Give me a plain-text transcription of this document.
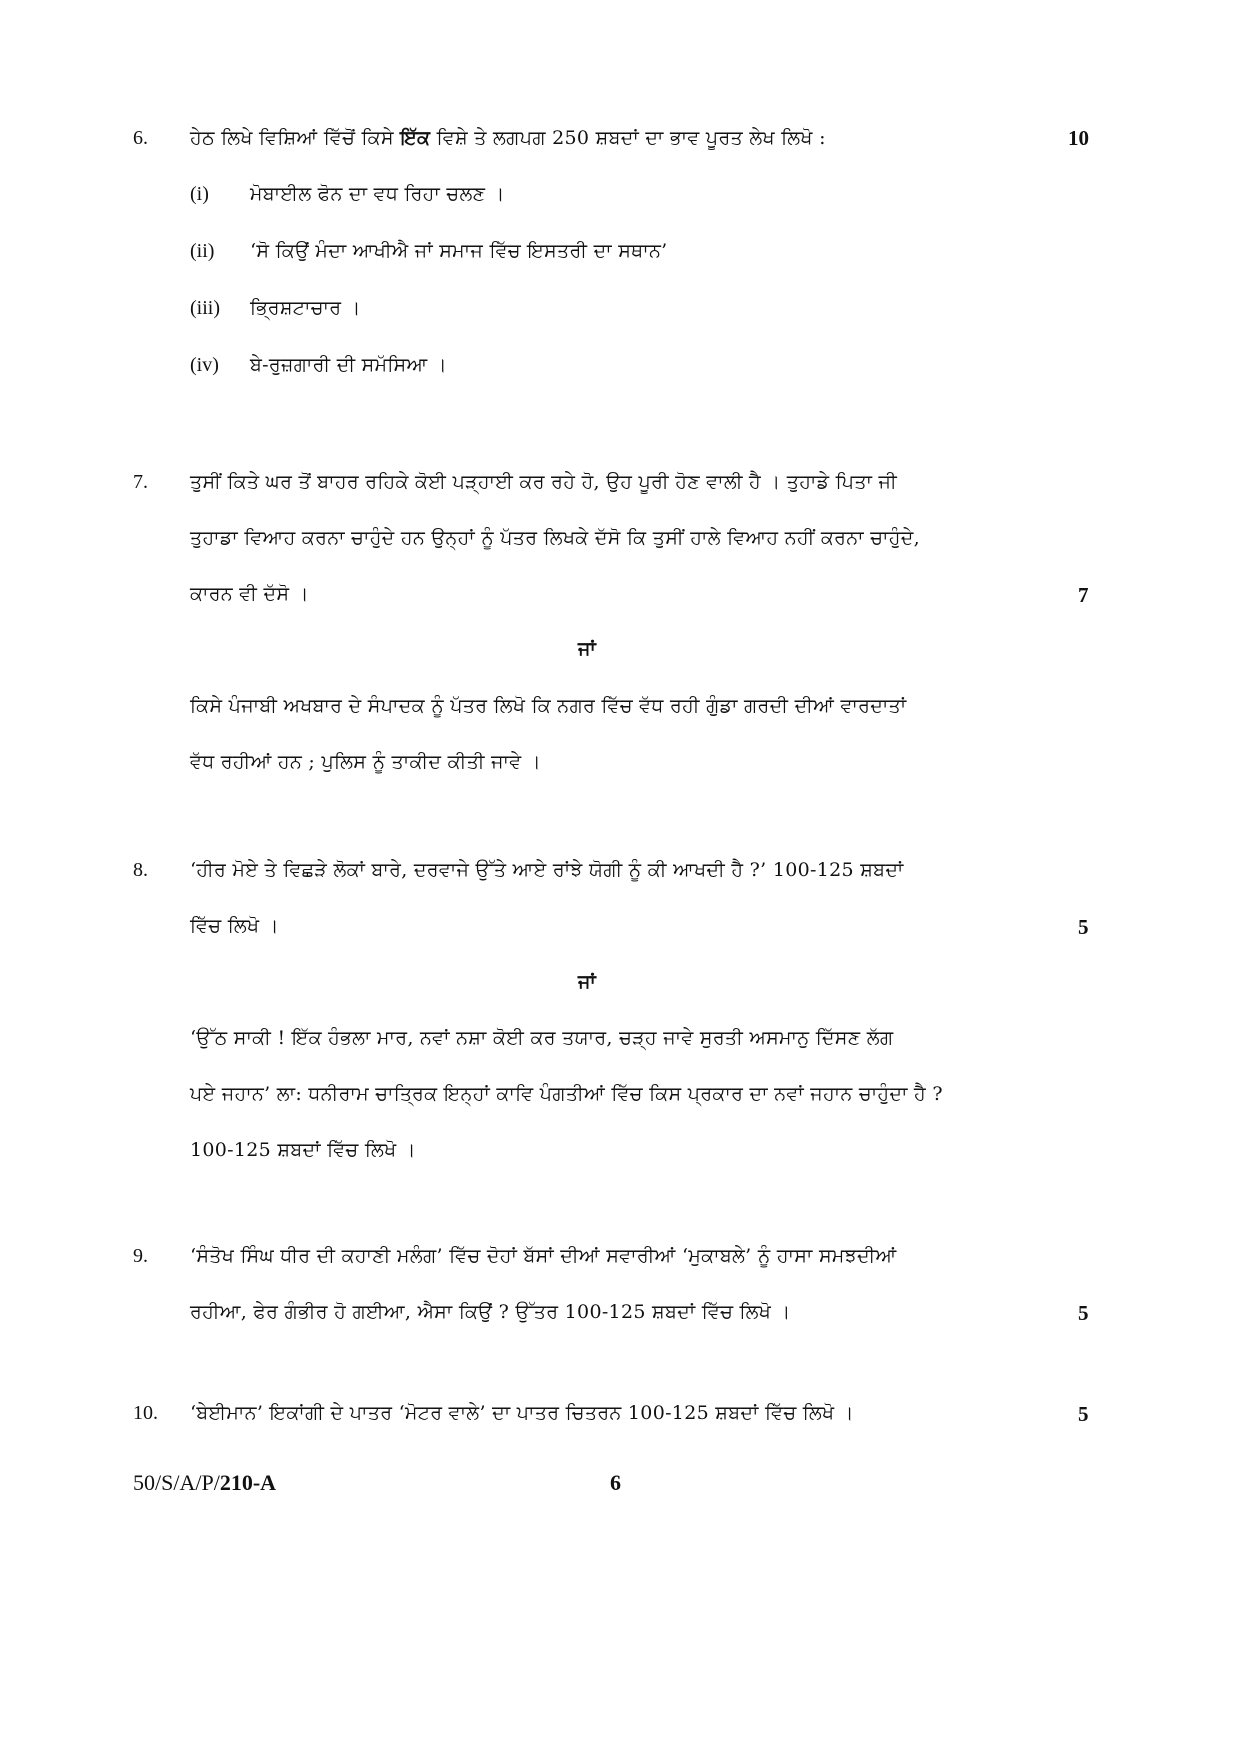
6. ਹੇਠ ਲਿਖੇ ਵਿਸ਼ਿਆਂ ਵਿੱਚੋਂ ਕਿਸੇ ਇੱਕ ਵਿਸ਼ੇ ਤੇ ਲਗਪਗ 250 ਸ਼ਬਦਾਂ ਦਾ ਭਾਵ ਪੂਰਤ ਲੇਖ ਲਿਖੋ :	10
(i) ਮੋਬਾਈਲ ਫੋਨ ਦਾ ਵਧ ਰਿਹਾ ਚਲਣ ।
(ii) ‘ਸੋ ਕਿਉਂ ਮੰਦਾ ਆਖੀਐ ਜਾਂ ਸਮਾਜ ਵਿੱਚ ਇਸਤਰੀ ਦਾ ਸਥਾਨ’
(iii) ਭ੍ਰਿਸ਼ਟਾਚਾਰ ।
(iv) ਬੇ-ਰੁਜ਼ਗਾਰੀ ਦੀ ਸਮੱਸਿਆ ।
7. ਤੁਸੀਂ ਕਿਤੇ ਘਰ ਤੋਂ ਬਾਹਰ ਰਹਿਕੇ ਕੋਈ ਪੜ੍ਹਾਈ ਕਰ ਰਹੇ ਹੋ, ਉਹ ਪੂਰੀ ਹੋਣ ਵਾਲੀ ਹੈ । ਤੁਹਾਡੇ ਪਿਤਾ ਜੀ
ਤੁਹਾਡਾ ਵਿਆਹ ਕਰਨਾ ਚਾਹੁੰਦੇ ਹਨ ਉਨ੍ਹਾਂ ਨੂੰ ਪੱਤਰ ਲਿਖਕੇ ਦੱਸੋ ਕਿ ਤੁਸੀਂ ਹਾਲੇ ਵਿਆਹ ਨਹੀਂ ਕਰਨਾ ਚਾਹੁੰਦੇ,
ਕਾਰਨ ਵੀ ਦੱਸੋ ।	7
ਜਾਂ
ਕਿਸੇ ਪੰਜਾਬੀ ਅਖਬਾਰ ਦੇ ਸੰਪਾਦਕ ਨੂੰ ਪੱਤਰ ਲਿਖੋ ਕਿ ਨਗਰ ਵਿੱਚ ਵੱਧ ਰਹੀ ਗੁੰਡਾ ਗਰਦੀ ਦੀਆਂ ਵਾਰਦਾਤਾਂ
ਵੱਧ ਰਹੀਆਂ ਹਨ ; ਪੁਲਿਸ ਨੂੰ ਤਾਕੀਦ ਕੀਤੀ ਜਾਵੇ ।
8. ‘ਹੀਰ ਮੋਏ ਤੇ ਵਿਛੜੇ ਲੋਕਾਂ ਬਾਰੇ, ਦਰਵਾਜੇ ਉੱਤੇ ਆਏ ਰਾਂਝੇ ਯੋਗੀ ਨੂੰ ਕੀ ਆਖਦੀ ਹੈ ?’ 100-125 ਸ਼ਬਦਾਂ
ਵਿੱਚ ਲਿਖੋ ।	5
ਜਾਂ
‘ਉੱਠ ਸਾਕੀ ! ਇੱਕ ਹੰਭਲਾ ਮਾਰ, ਨਵਾਂ ਨਸ਼ਾ ਕੋਈ ਕਰ ਤਯਾਰ, ਚੜ੍ਹ ਜਾਵੇ ਸੁਰਤੀ ਅਸਮਾਨੁ ਦਿੱਸਣ ਲੱਗ
ਪਏ ਜਹਾਨ’ ਲਾ: ਧਨੀਰਾਮ ਚਾਤ੍ਰਿਕ ਇਨ੍ਹਾਂ ਕਾਵਿ ਪੰਗਤੀਆਂ ਵਿੱਚ ਕਿਸ ਪ੍ਰਕਾਰ ਦਾ ਨਵਾਂ ਜਹਾਨ ਚਾਹੁੰਦਾ ਹੈ ?
100-125 ਸ਼ਬਦਾਂ ਵਿੱਚ ਲਿਖੋ ।
9. ‘ਸੰਤੋਖ ਸਿੰਘ ਧੀਰ ਦੀ ਕਹਾਣੀ ਮਲੰਗ’ ਵਿੱਚ ਦੋਹਾਂ ਬੱਸਾਂ ਦੀਆਂ ਸਵਾਰੀਆਂ ‘ਮੁਕਾਬਲੇ’ ਨੂੰ ਹਾਸਾ ਸਮਝਦੀਆਂ
ਰਹੀਆ, ਫੇਰ ਗੰਭੀਰ ਹੋ ਗਈਆ, ਐਸਾ ਕਿਉਂ ? ਉੱਤਰ 100-125 ਸ਼ਬਦਾਂ ਵਿੱਚ ਲਿਖੋ ।	5
10. ‘ਬੇਈਮਾਨ’ ਇਕਾਂਗੀ ਦੇ ਪਾਤਰ ‘ਮੋਟਰ ਵਾਲੇ’ ਦਾ ਪਾਤਰ ਚਿਤਰਨ 100-125 ਸ਼ਬਦਾਂ ਵਿੱਚ ਲਿਖੋ ।	5
50/S/A/P/210-A	6
